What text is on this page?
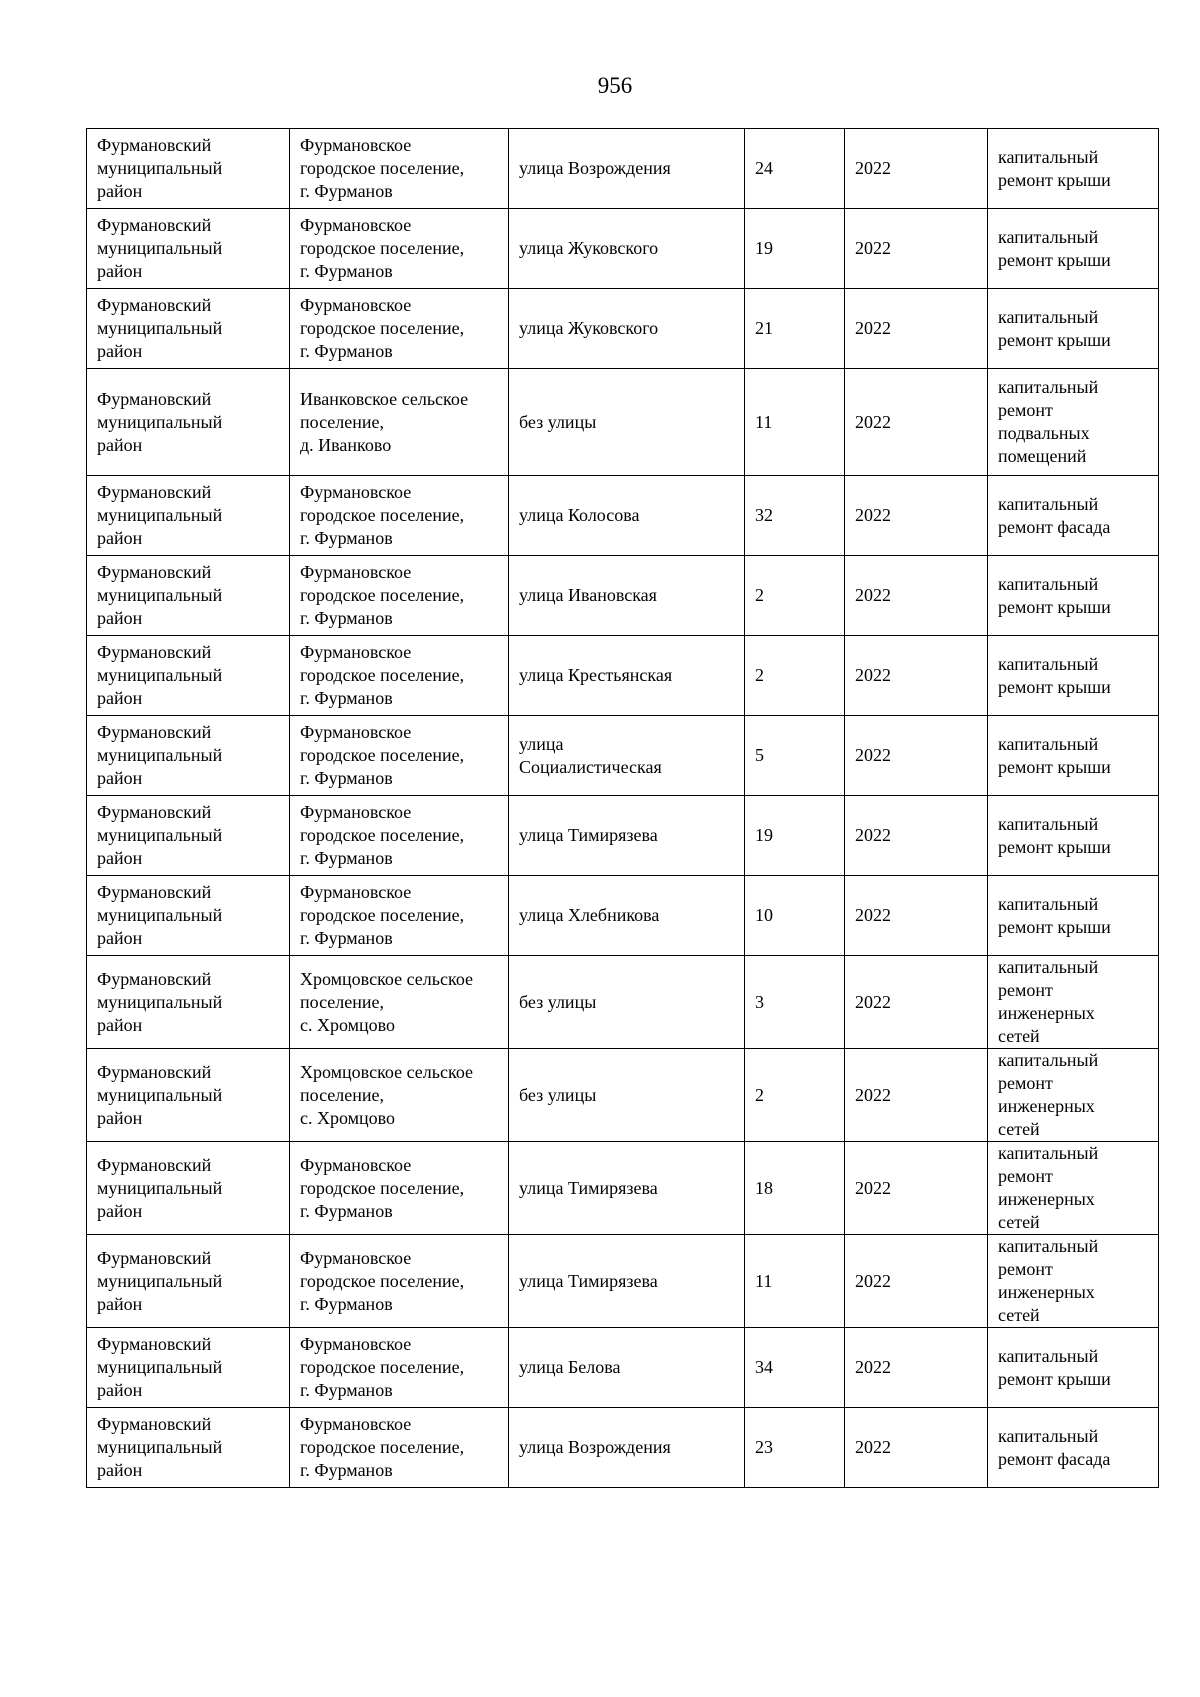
956
Фурмановский
муниципальный
район	Фурмановское
городское поселение,
г. Фурманов	улица Возрождения	24	2022	капитальный
ремонт крыши
Фурмановский
муниципальный
район	Фурмановское
городское поселение,
г. Фурманов	улица Жуковского	19	2022	капитальный
ремонт крыши
Фурмановский
муниципальный
район	Фурмановское
городское поселение,
г. Фурманов	улица Жуковского	21	2022	капитальный
ремонт крыши
Фурмановский
муниципальный
район	Иванковское сельское
поселение,
д. Иванково	без улицы	11	2022	капитальный
ремонт
подвальных
помещений
Фурмановский
муниципальный
район	Фурмановское
городское поселение,
г. Фурманов	улица Колосова	32	2022	капитальный
ремонт фасада
Фурмановский
муниципальный
район	Фурмановское
городское поселение,
г. Фурманов	улица Ивановская	2	2022	капитальный
ремонт крыши
Фурмановский
муниципальный
район	Фурмановское
городское поселение,
г. Фурманов	улица Крестьянская	2	2022	капитальный
ремонт крыши
Фурмановский
муниципальный
район	Фурмановское
городское поселение,
г. Фурманов	улица
Социалистическая	5	2022	капитальный
ремонт крыши
Фурмановский
муниципальный
район	Фурмановское
городское поселение,
г. Фурманов	улица Тимирязева	19	2022	капитальный
ремонт крыши
Фурмановский
муниципальный
район	Фурмановское
городское поселение,
г. Фурманов	улица Хлебникова	10	2022	капитальный
ремонт крыши
Фурмановский
муниципальный
район	Хромцовское сельское
поселение,
с. Хромцово	без улицы	3	2022	капитальный
ремонт
инженерных
сетей
Фурмановский
муниципальный
район	Хромцовское сельское
поселение,
с. Хромцово	без улицы	2	2022	капитальный
ремонт
инженерных
сетей
Фурмановский
муниципальный
район	Фурмановское
городское поселение,
г. Фурманов	улица Тимирязева	18	2022	капитальный
ремонт
инженерных
сетей
Фурмановский
муниципальный
район	Фурмановское
городское поселение,
г. Фурманов	улица Тимирязева	11	2022	капитальный
ремонт
инженерных
сетей
Фурмановский
муниципальный
район	Фурмановское
городское поселение,
г. Фурманов	улица Белова	34	2022	капитальный
ремонт крыши
Фурмановский
муниципальный
район	Фурмановское
городское поселение,
г. Фурманов	улица Возрождения	23	2022	капитальный
ремонт фасада
